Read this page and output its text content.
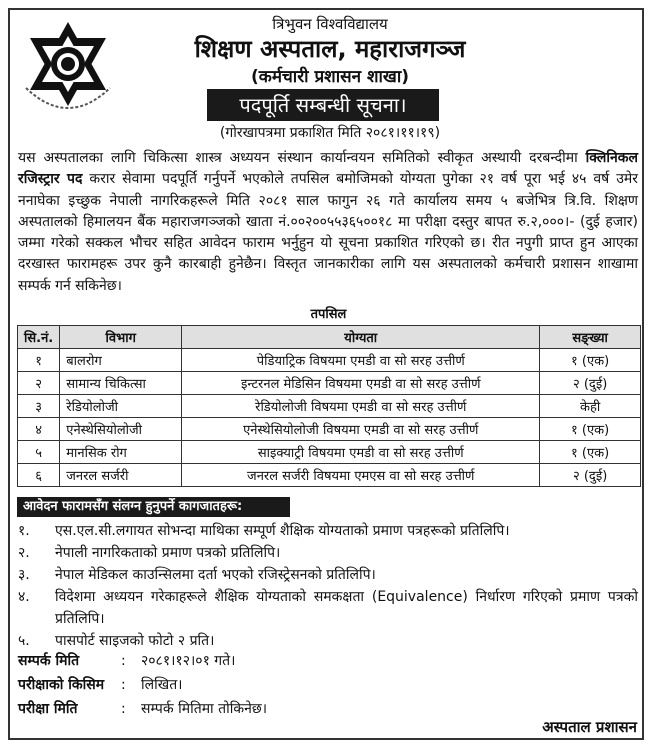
त्रिभुवन विश्वविद्यालय
शिक्षण अस्पताल, महाराजगञ्ज
(कर्मचारी प्रशासन शाखा)
पदपूर्ति सम्बन्धी सूचना।
(गोरखापत्रमा प्रकाशित मिति २०८१।११।१९)
यस अस्पतालका लागि चिकित्सा शास्त्र अध्ययन संस्थान कार्यान्वयन समितिको स्वीकृत अस्थायी दरबन्दीमा क्लिनिकल रजिस्ट्रार पद करार सेवामा पदपूर्ति गर्नुपर्ने भएकोले तपसिल बमोजिमको योग्यता पुगेका २१ वर्ष पूरा भई ४५ वर्ष उमेर ननाघेका इच्छुक नेपाली नागरिकहरूले मिति २०८१ साल फागुन २६ गते कार्यालय समय ५ बजेभित्र त्रि.वि. शिक्षण अस्पतालको हिमालयन बैंक महाराजगञ्जको खाता नं.००२००५५३६५००१८ मा परीक्षा दस्तुर बापत रु.२,०००।- (दुई हजार) जम्मा गरेको सक्कल भौचर सहित आवेदन फाराम भर्नुहुन यो सूचना प्रकाशित गरिएको छ। रीत नपुगी प्राप्त हुन आएका दरखास्त फारामहरू उपर कुनै कारबाही हुनेछैन। विस्तृत जानकारीका लागि यस अस्पतालको कर्मचारी प्रशासन शाखामा सम्पर्क गर्न सकिनेछ।
तपसिल
सि.नं.	विभाग	योग्यता	सङ्ख्या
१	बालरोग	पेडियाट्रिक विषयमा एमडी वा सो सरह उत्तीर्ण	१ (एक)
२	सामान्य चिकित्सा	इन्टरनल मेडिसिन विषयमा एमडी वा सो सरह उत्तीर्ण	२ (दुई)
३	रेडियोलोजी	रेडियोलोजी विषयमा एमडी वा सो सरह उत्तीर्ण	केही
४	एनेस्थेसियोलोजी	एनेस्थेसियोलोजी विषयमा एमडी वा सो सरह उत्तीर्ण	१ (एक)
५	मानसिक रोग	साइक्याट्री विषयमा एमडी वा सो सरह उत्तीर्ण	१ (एक)
६	जनरल सर्जरी	जनरल सर्जरी विषयमा एमएस वा सो सरह उत्तीर्ण	२ (दुई)
आवेदन फारामसँग संलग्न हुनुपर्ने कागजातहरू:
१.	एस.एल.सी.लगायत सोभन्दा माथिका सम्पूर्ण शैक्षिक योग्यताको प्रमाण पत्रहरूको प्रतिलिपि।
२.	नेपाली नागरिकताको प्रमाण पत्रको प्रतिलिपि।
३.	नेपाल मेडिकल काउन्सिलमा दर्ता भएको रजिस्ट्रेसनको प्रतिलिपि।
४.	विदेशमा अध्ययन गरेकाहरूले शैक्षिक योग्यताको समकक्षता (Equivalence) निर्धारण गरिएको प्रमाण पत्रको प्रतिलिपि।
५.	पासपोर्ट साइजको फोटो २ प्रति।
सम्पर्क मिति	:	२०८१।१२।०१ गते।
परीक्षाको किसिम	:	लिखित।
परीक्षा मिति	:	सम्पर्क मितिमा तोकिनेछ।
अस्पताल प्रशासन
